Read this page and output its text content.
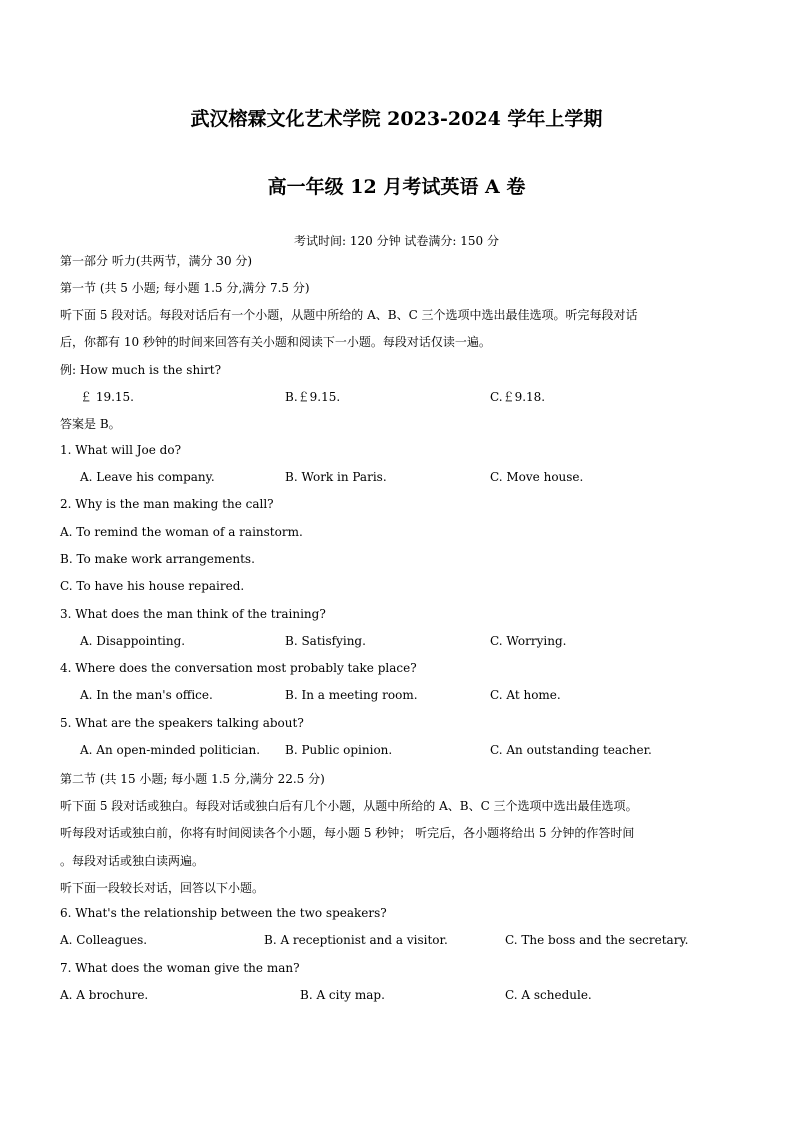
武汉榕霖文化艺术学院 2023-2024 学年上学期
高一年级 12 月考试英语 A 卷
考试时间: 120 分钟 试卷满分: 150 分
第一部分 听力(共两节，满分 30 分)
第一节 (共 5 小题; 每小题 1.5 分,满分 7.5 分)
听下面 5 段对话。每段对话后有一个小题，从题中所给的 A、B、C 三个选项中选出最佳选项。听完每段对话
后，你都有 10 秒钟的时间来回答有关小题和阅读下一小题。每段对话仅读一遍。
例: How much is the shirt?
￡ 19.15.	B.￡9.15.	C.￡9.18.
答案是 B。
1. What will Joe do?
A. Leave his company.	B. Work in Paris.	C. Move house.
2. Why is the man making the call?
A. To remind the woman of a rainstorm.
B. To make work arrangements.
C. To have his house repaired.
3. What does the man think of the training?
A. Disappointing.	B. Satisfying.	C. Worrying.
4. Where does the conversation most probably take place?
A. In the man's office.	B. In a meeting room.	C. At home.
5. What are the speakers talking about?
A. An open-minded politician. B. Public opinion.	C. An outstanding teacher.
第二节 (共 15 小题; 每小题 1.5 分,满分 22.5 分)
听下面 5 段对话或独白。每段对话或独白后有几个小题，从题中所给的 A、B、C 三个选项中选出最佳选项。
听每段对话或独白前，你将有时间阅读各个小题，每小题 5 秒钟； 听完后，各小题将给出 5 分钟的作答时间
。每段对话或独白读两遍。
听下面一段较长对话，回答以下小题。
6. What's the relationship between the two speakers?
A. Colleagues.	B. A receptionist and a visitor.	C. The boss and the secretary.
7. What does the woman give the man?
A. A brochure.	B. A city map.	C. A schedule.
